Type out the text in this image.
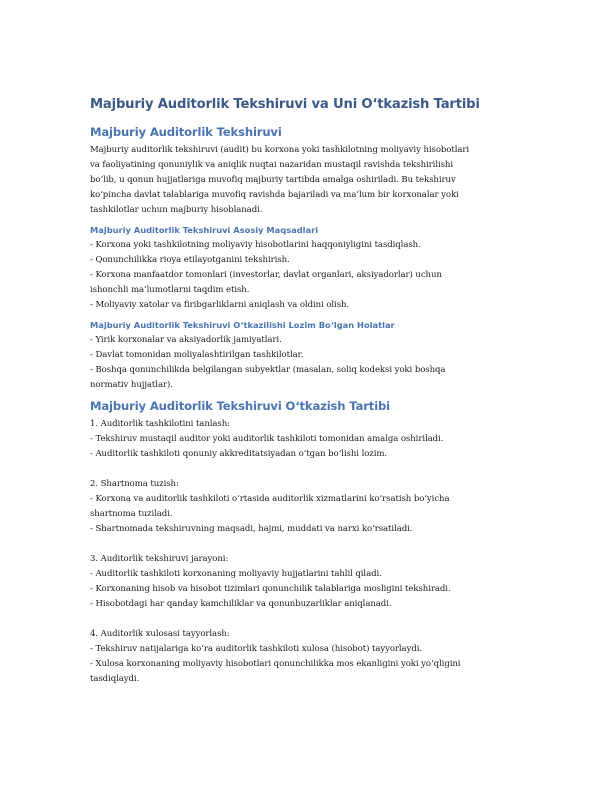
Majburiy Auditorlik Tekshiruvi va Uni O‘tkazish Tartibi
Majburiy Auditorlik Tekshiruvi

Majburiy auditorlik tekshiruvi (audit) bu korxona yoki tashkilotning moliyaviy hisobotlari

va faoliyatining qonuniylik va aniqlik nuqtai nazaridan mustaqil ravishda tekshirilishi

bo‘lib, u qonun hujjatlariga muvofiq majburiy tartibda amalga oshiriladi. Bu tekshiruv

ko‘pincha davlat talablariga muvofiq ravishda bajariladi va ma’lum bir korxonalar yoki

tashkilotlar uchun majburiy hisoblanadi.

Majburiy Auditorlik Tekshiruvi Asosiy Maqsadlari

- Korxona yoki tashkilotning moliyaviy hisobotlarini haqqoniyligini tasdiqlash.

- Qonunchilikka rioya etilayotganini tekshirish.

- Korxona manfaatdor tomonlari (investorlar, davlat organlari, aksiyadorlar) uchun

ishonchli ma’lumotlarni taqdim etish.

- Moliyaviy xatolar va firibgarliklarni aniqlash va oldini olish.

Majburiy Auditorlik Tekshiruvi O‘tkazilishi Lozim Bo‘lgan Holatlar

- Yirik korxonalar va aksiyadorlik jamiyatlari.

- Davlat tomonidan moliyalashtirilgan tashkilotlar.

- Boshqa qonunchilikda belgilangan subyektlar (masalan, soliq kodeksi yoki boshqa

normativ hujjatlar).

Majburiy Auditorlik Tekshiruvi O‘tkazish Tartibi

1. Auditorlik tashkilotini tanlash:

- Tekshiruv mustaqil auditor yoki auditorlik tashkiloti tomonidan amalga oshiriladi.

- Auditorlik tashkiloti qonuniy akkreditatsiyadan o‘tgan bo‘lishi lozim.

2. Shartnoma tuzish:

- Korxona va auditorlik tashkiloti o‘rtasida auditorlik xizmatlarini ko‘rsatish bo‘yicha

shartnoma tuziladi.

- Shartnomada tekshiruvning maqsadi, hajmi, muddati va narxi ko‘rsatiladi.

3. Auditorlik tekshiruvi jarayoni:

- Auditorlik tashkiloti korxonaning moliyaviy hujjatlarini tahlil qiladi.

- Korxonaning hisob va hisobot tizimlari qonunchilik talablariga mosligini tekshiradi.

- Hisobotdagi har qanday kamchiliklar va qonunbuzarliklar aniqlanadi.

4. Auditorlik xulosasi tayyorlash:

- Tekshiruv natijalariga ko‘ra auditorlik tashkiloti xulosa (hisobot) tayyorlaydi.

- Xulosa korxonaning moliyaviy hisobotlari qonunchilikka mos ekanligini yoki yo‘qligini

tasdiqlaydi.
